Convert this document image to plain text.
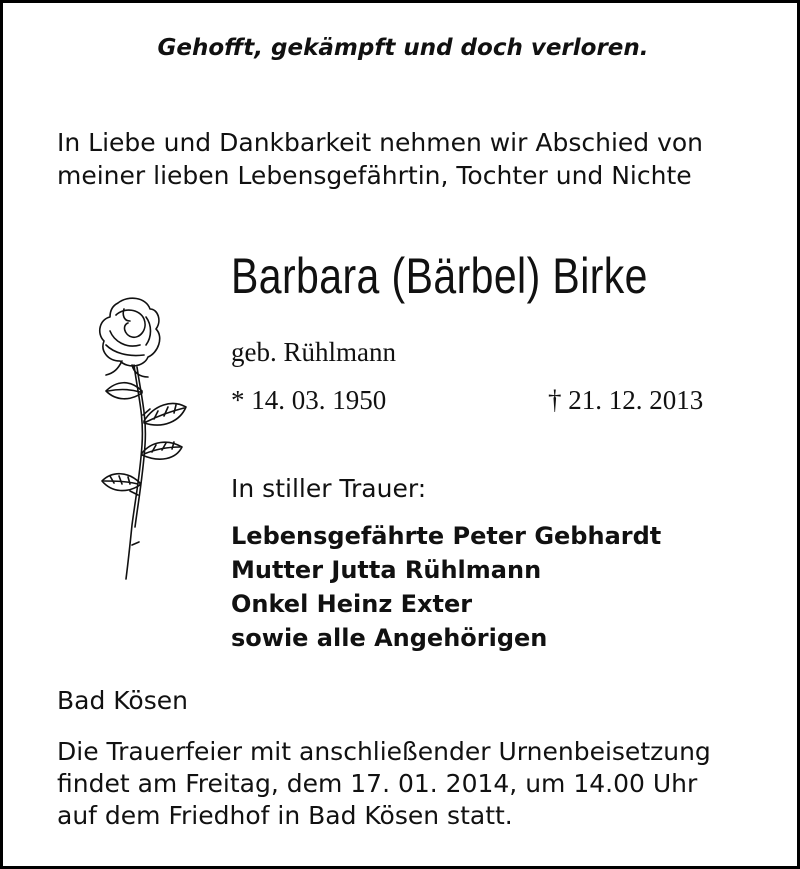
Gehofft, gekämpft und doch verloren.

In Liebe und Dankbarkeit nehmen wir Abschied von
meiner lieben Lebensgefährtin, Tochter und Nichte
Barbara (Bärbel) Birke
geb. Rühlmann
* 14. 03. 1950	† 21. 12. 2013
In stiller Trauer:
Lebensgefährte Peter Gebhardt
Mutter Jutta Rühlmann
Onkel Heinz Exter
sowie alle Angehörigen
Bad Kösen
Die Trauerfeier mit anschließender Urnenbeisetzung
findet am Freitag, dem 17. 01. 2014, um 14.00 Uhr
auf dem Friedhof in Bad Kösen statt.
